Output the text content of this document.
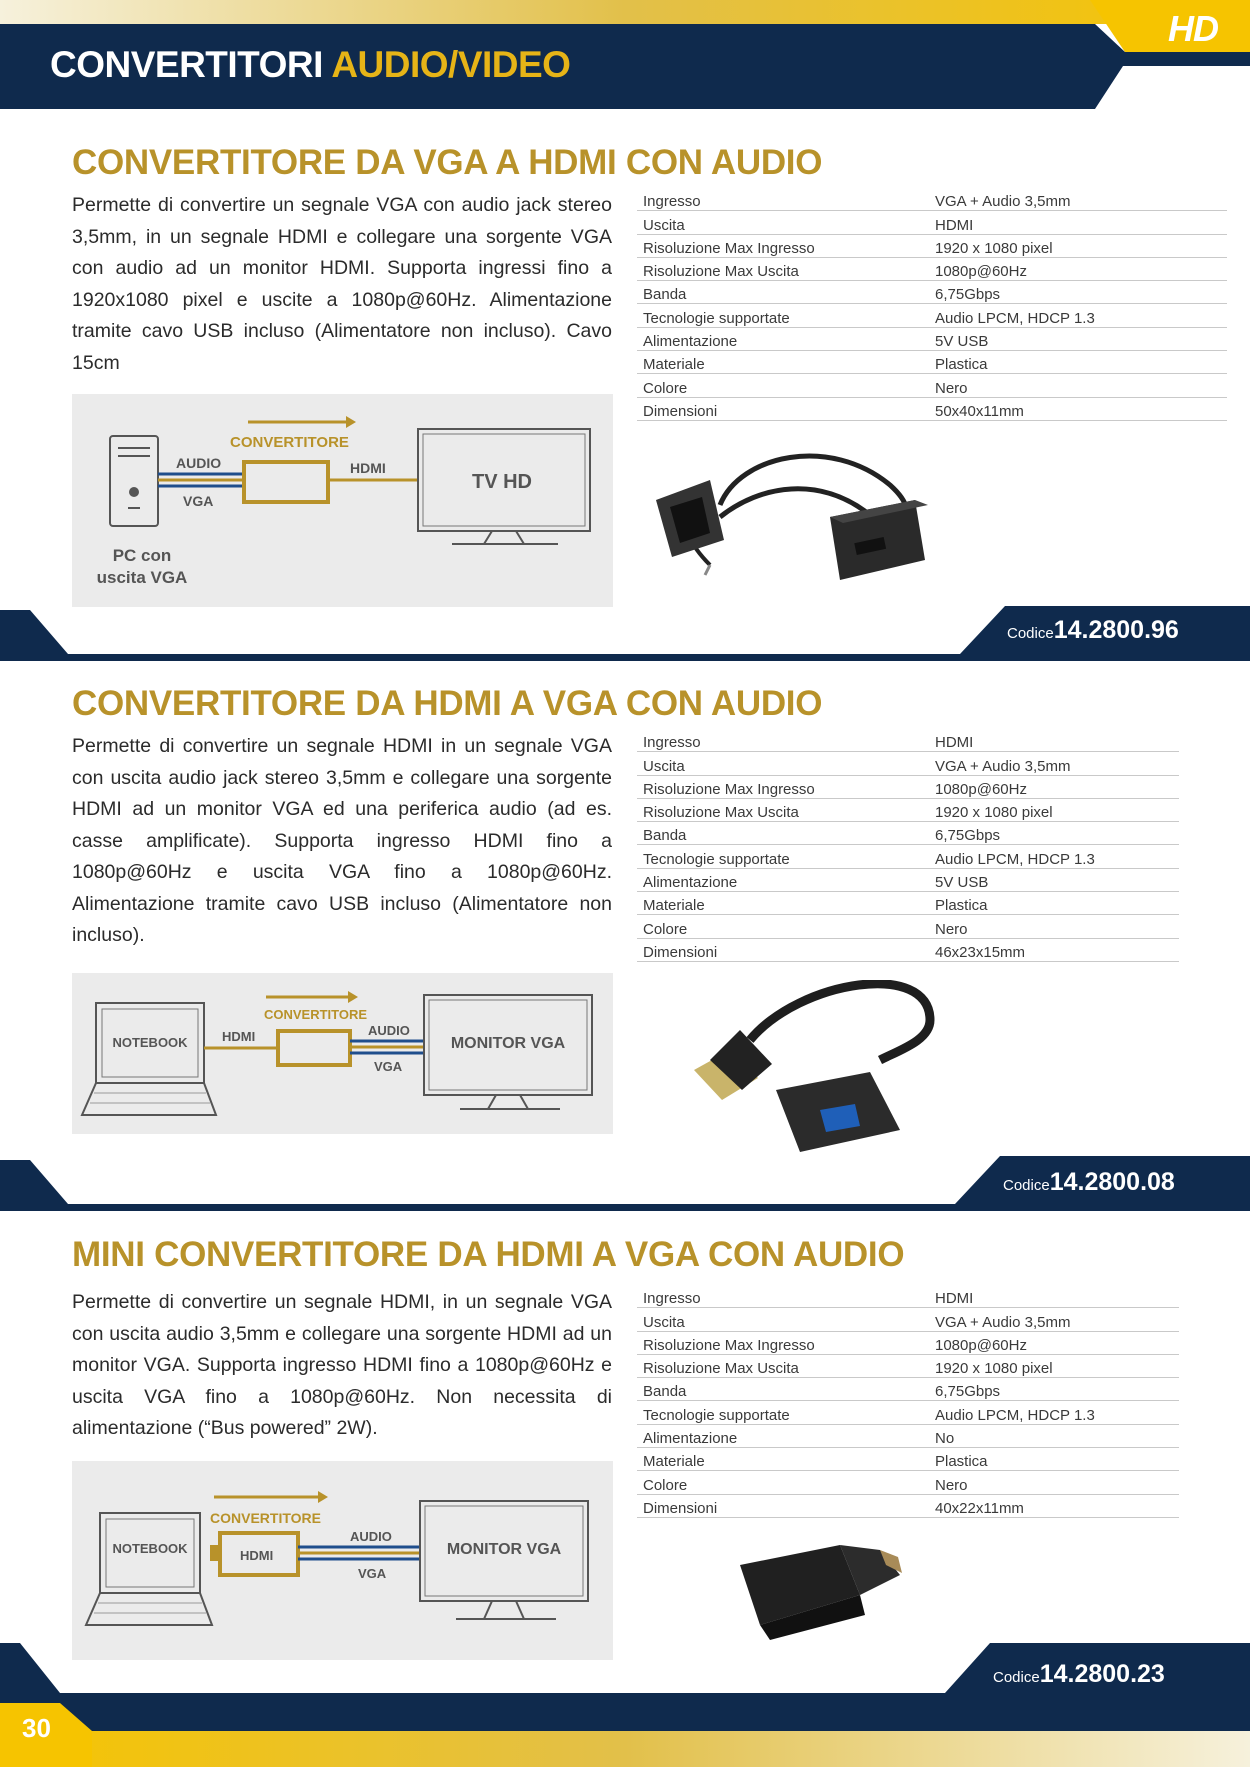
CONVERTITORI AUDIO/VIDEO
HD
CONVERTITORE DA VGA A HDMI CON AUDIO

Permette di convertire un segnale VGA con audio jack stereo 3,5mm, in un segnale HDMI e collegare una sorgente VGA con audio ad un monitor HDMI. Supporta ingressi fino a 1920x1080 pixel e uscite a 1080p@60Hz. Alimentazione tramite cavo USB incluso (Alimentatore non incluso). Cavo 15cm

Ingresso	VGA + Audio 3,5mm
Uscita	HDMI
Risoluzione Max Ingresso	1920 x 1080 pixel
Risoluzione Max Uscita	1080p@60Hz
Banda	6,75Gbps
Tecnologie supportate	Audio LPCM, HDCP 1.3
Alimentazione	5V USB
Materiale	Plastica
Colore	Nero
Dimensioni	50x40x11mm
AUDIO
VGA
CONVERTITORE
HDMI
TV HD
PC con
uscita VGA
Codice14.2800.96
CONVERTITORE DA HDMI A VGA CON AUDIO

Permette di convertire un segnale HDMI in un segnale VGA con uscita audio jack stereo 3,5mm e collegare una sorgente HDMI ad un monitor VGA ed una periferica audio (ad es. casse amplificate). Supporta ingresso HDMI fino a 1080p@60Hz e uscita VGA fino a 1080p@60Hz. Alimentazione tramite cavo USB incluso (Alimentatore non incluso).

Ingresso	HDMI
Uscita	VGA + Audio 3,5mm
Risoluzione Max Ingresso	1080p@60Hz
Risoluzione Max Uscita	1920 x 1080 pixel
Banda	6,75Gbps
Tecnologie supportate	Audio LPCM, HDCP 1.3
Alimentazione	5V USB
Materiale	Plastica
Colore	Nero
Dimensioni	46x23x15mm
NOTEBOOK	HDMI
CONVERTITORE
AUDIO
VGA
MONITOR VGA
Codice14.2800.08
MINI CONVERTITORE DA HDMI A VGA CON AUDIO

Permette di convertire un segnale HDMI, in un segnale VGA con uscita audio 3,5mm e collegare una sorgente HDMI ad un monitor VGA. Supporta ingresso HDMI fino a 1080p@60Hz e uscita VGA fino a 1080p@60Hz. Non necessita di alimentazione (“Bus powered” 2W).

Ingresso	HDMI
Uscita	VGA + Audio 3,5mm
Risoluzione Max Ingresso	1080p@60Hz
Risoluzione Max Uscita	1920 x 1080 pixel
Banda	6,75Gbps
Tecnologie supportate	Audio LPCM, HDCP 1.3
Alimentazione	No
Materiale	Plastica
Colore	Nero
Dimensioni	40x22x11mm
NOTEBOOK	HDMI
CONVERTITORE
AUDIO
VGA
MONITOR VGA
Codice14.2800.23
30
